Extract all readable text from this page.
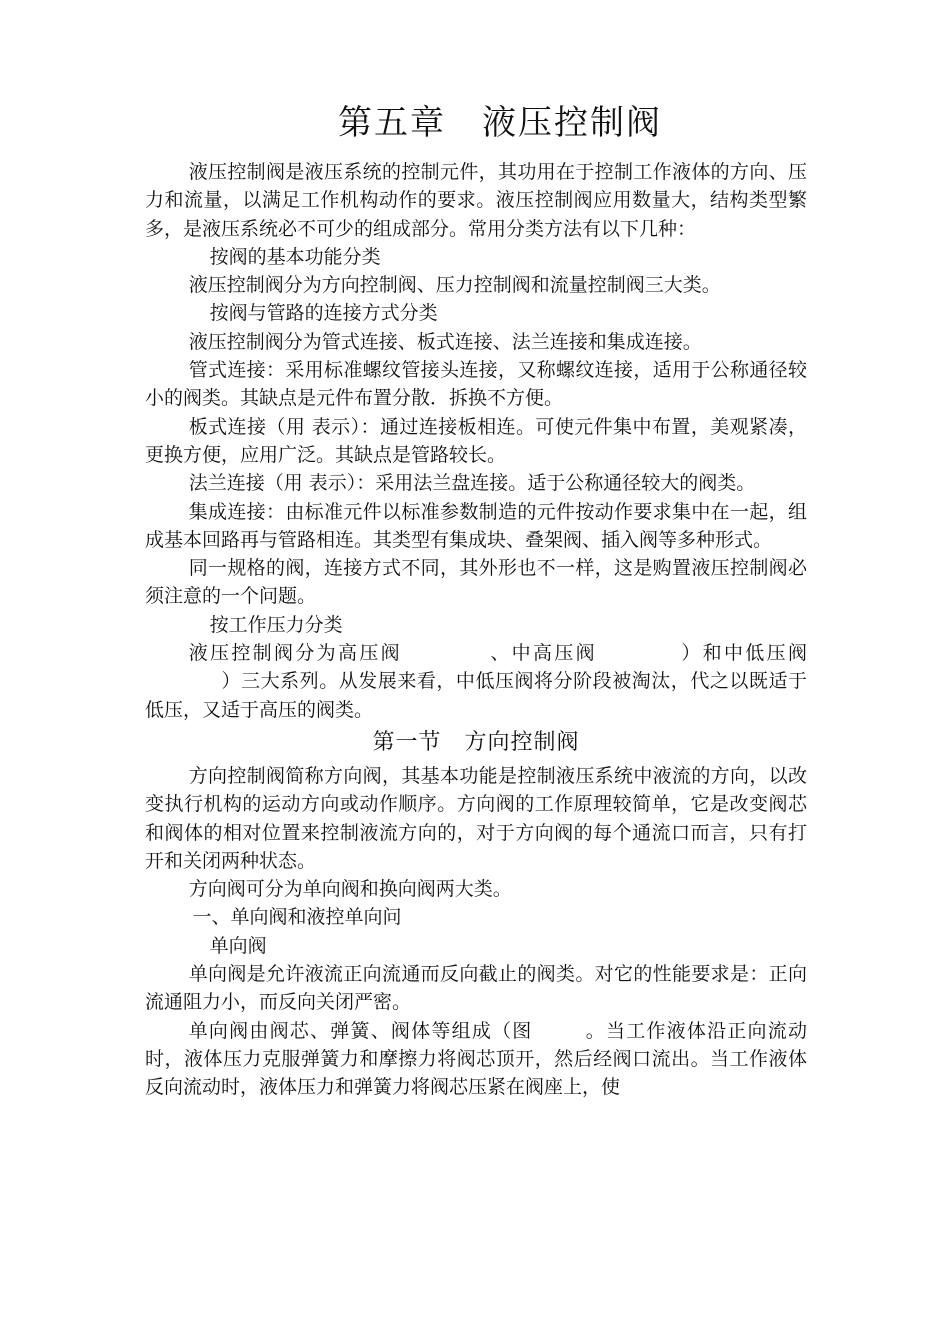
第五章　液压控制阀

液压控制阀是液压系统的控制元件，其功用在于控制工作液体的方向、压力和流量，以满足工作机构动作的要求。液压控制阀应用数量大，结构类型繁多，是液压系统必不可少的组成部分。常用分类方法有以下几种：

按阀的基本功能分类

液压控制阀分为方向控制阀、压力控制阀和流量控制阀三大类。

按阀与管路的连接方式分类

液压控制阀分为管式连接、板式连接、法兰连接和集成连接。

管式连接：采用标准螺纹管接头连接，又称螺纹连接，适用于公称通径较小的阀类。其缺点是元件布置分散．拆换不方便。

板式连接（用 表示）：通过连接板相连。可使元件集中布置，美观紧凑，更换方便，应用广泛。其缺点是管路较长。

法兰连接（用 表示）：采用法兰盘连接。适于公称通径较大的阀类。

集成连接：由标准元件以标准参数制造的元件按动作要求集中在一起，组成基本回路再与管路相连。其类型有集成块、叠架阀、插入阀等多种形式。

同一规格的阀，连接方式不同，其外形也不一样，这是购置液压控制阀必须注意的一个问题。

按工作压力分类

液压控制阀分为高压阀	、中高压阀	）和中低压阀）三大系列。从发展来看，中低压阀将分阶段被淘汰，代之以既适于低压，又适于高压的阀类。

第一节　方向控制阀

方向控制阀简称方向阀，其基本功能是控制液压系统中液流的方向，以改变执行机构的运动方向或动作顺序。方向阀的工作原理较简单，它是改变阀芯和阀体的相对位置来控制液流方向的，对于方向阀的每个通流口而言，只有打开和关闭两种状态。

方向阀可分为单向阀和换向阀两大类。

一、单向阀和液控单向问

单向阀

单向阀是允许液流正向流通而反向截止的阀类。对它的性能要求是：正向流通阻力小，而反向关闭严密。

单向阀由阀芯、弹簧、阀体等组成（图	。当工作液体沿正向流动时，液体压力克服弹簧力和摩擦力将阀芯顶开，然后经阀口流出。当工作液体反向流动时，液体压力和弹簧力将阀芯压紧在阀座上，使
